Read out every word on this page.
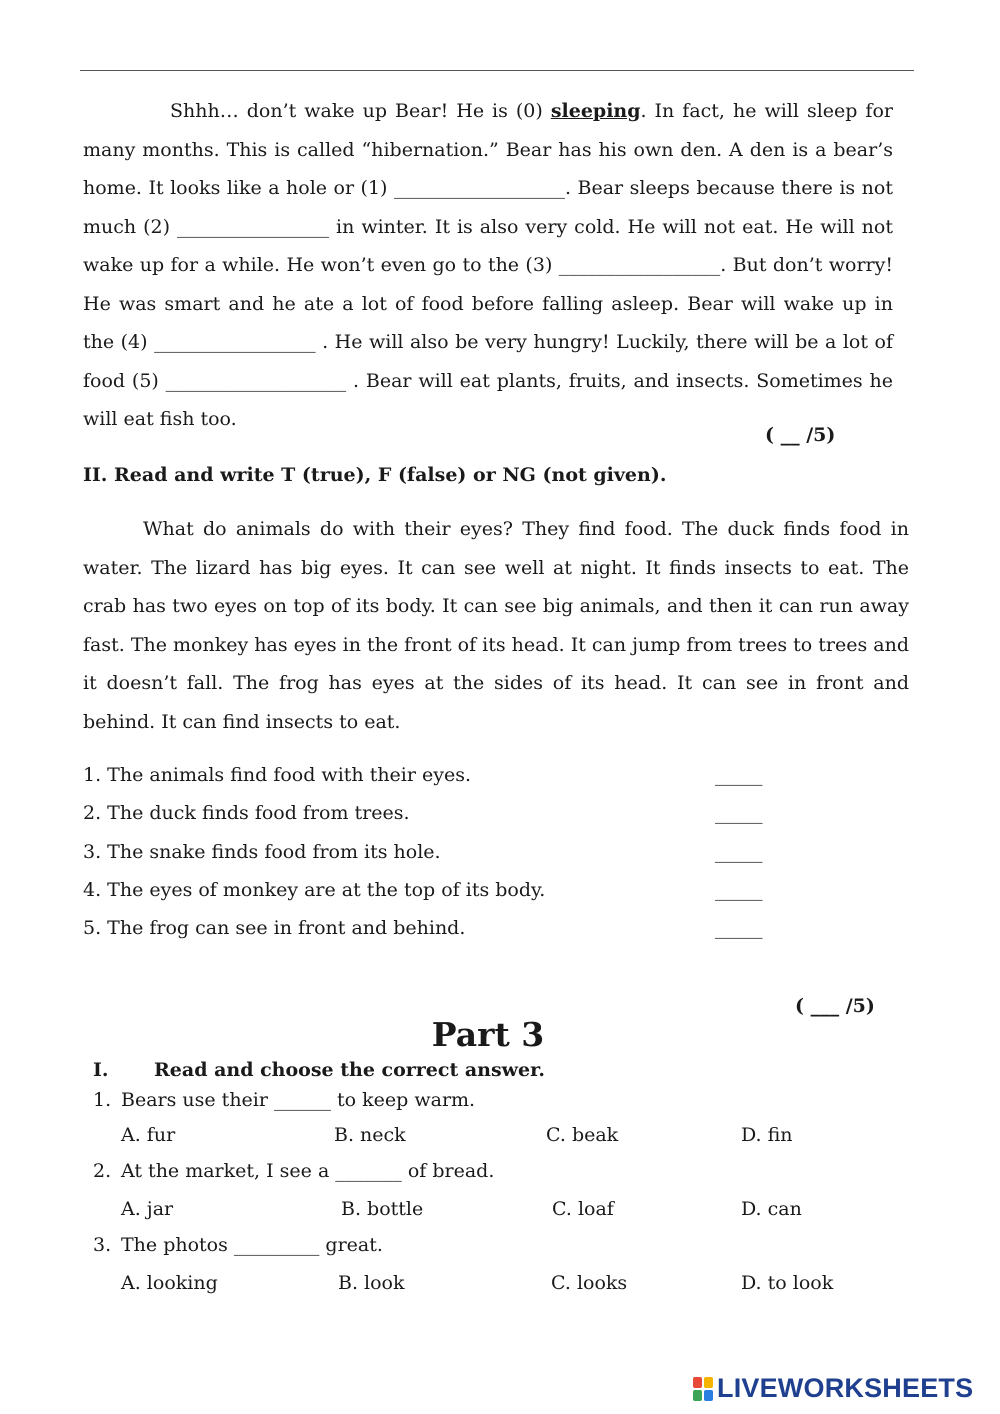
Shhh… don’t wake up Bear! He is (0) sleeping. In fact, he will sleep for many months. This is called “hibernation.” Bear has his own den. A den is a bear’s home. It looks like a hole or (1) __________________. Bear sleeps because there is not much (2) ________________ in winter. It is also very cold. He will not eat. He will not wake up for a while. He won’t even go to the (3) _________________. But don’t worry! He was smart and he ate a lot of food before falling asleep. Bear will wake up in the (4) _________________ . He will also be very hungry! Luckily, there will be a lot of food (5) ___________________ . Bear will eat plants, fruits, and insects. Sometimes he will eat fish too.

( __ /5)
II. Read and write T (true), F (false) or NG (not given).

What do animals do with their eyes? They find food. The duck finds food in water. The lizard has big eyes. It can see well at night. It finds insects to eat. The crab has two eyes on top of its body. It can see big animals, and then it can run away fast. The monkey has eyes in the front of its head. It can jump from trees to trees and it doesn’t fall. The frog has eyes at the sides of its head. It can see in front and behind. It can find insects to eat.

1. The animals find food with their eyes.	_____
2. The duck finds food from trees.	_____
3. The snake finds food from its hole.	_____
4. The eyes of monkey are at the top of its body.	_____
5. The frog can see in front and behind.	_____
( ___ /5)
Part 3
I. Read and choose the correct answer.
1. Bears use their ______ to keep warm.
A. fur	B. neck	C. beak	D. fin
2. At the market, I see a _______ of bread.
A. jar	B. bottle	C. loaf	D. can
3. The photos _________ great.
A. looking	B. look	C. looks	D. to look
LIVEWORKSHEETS
